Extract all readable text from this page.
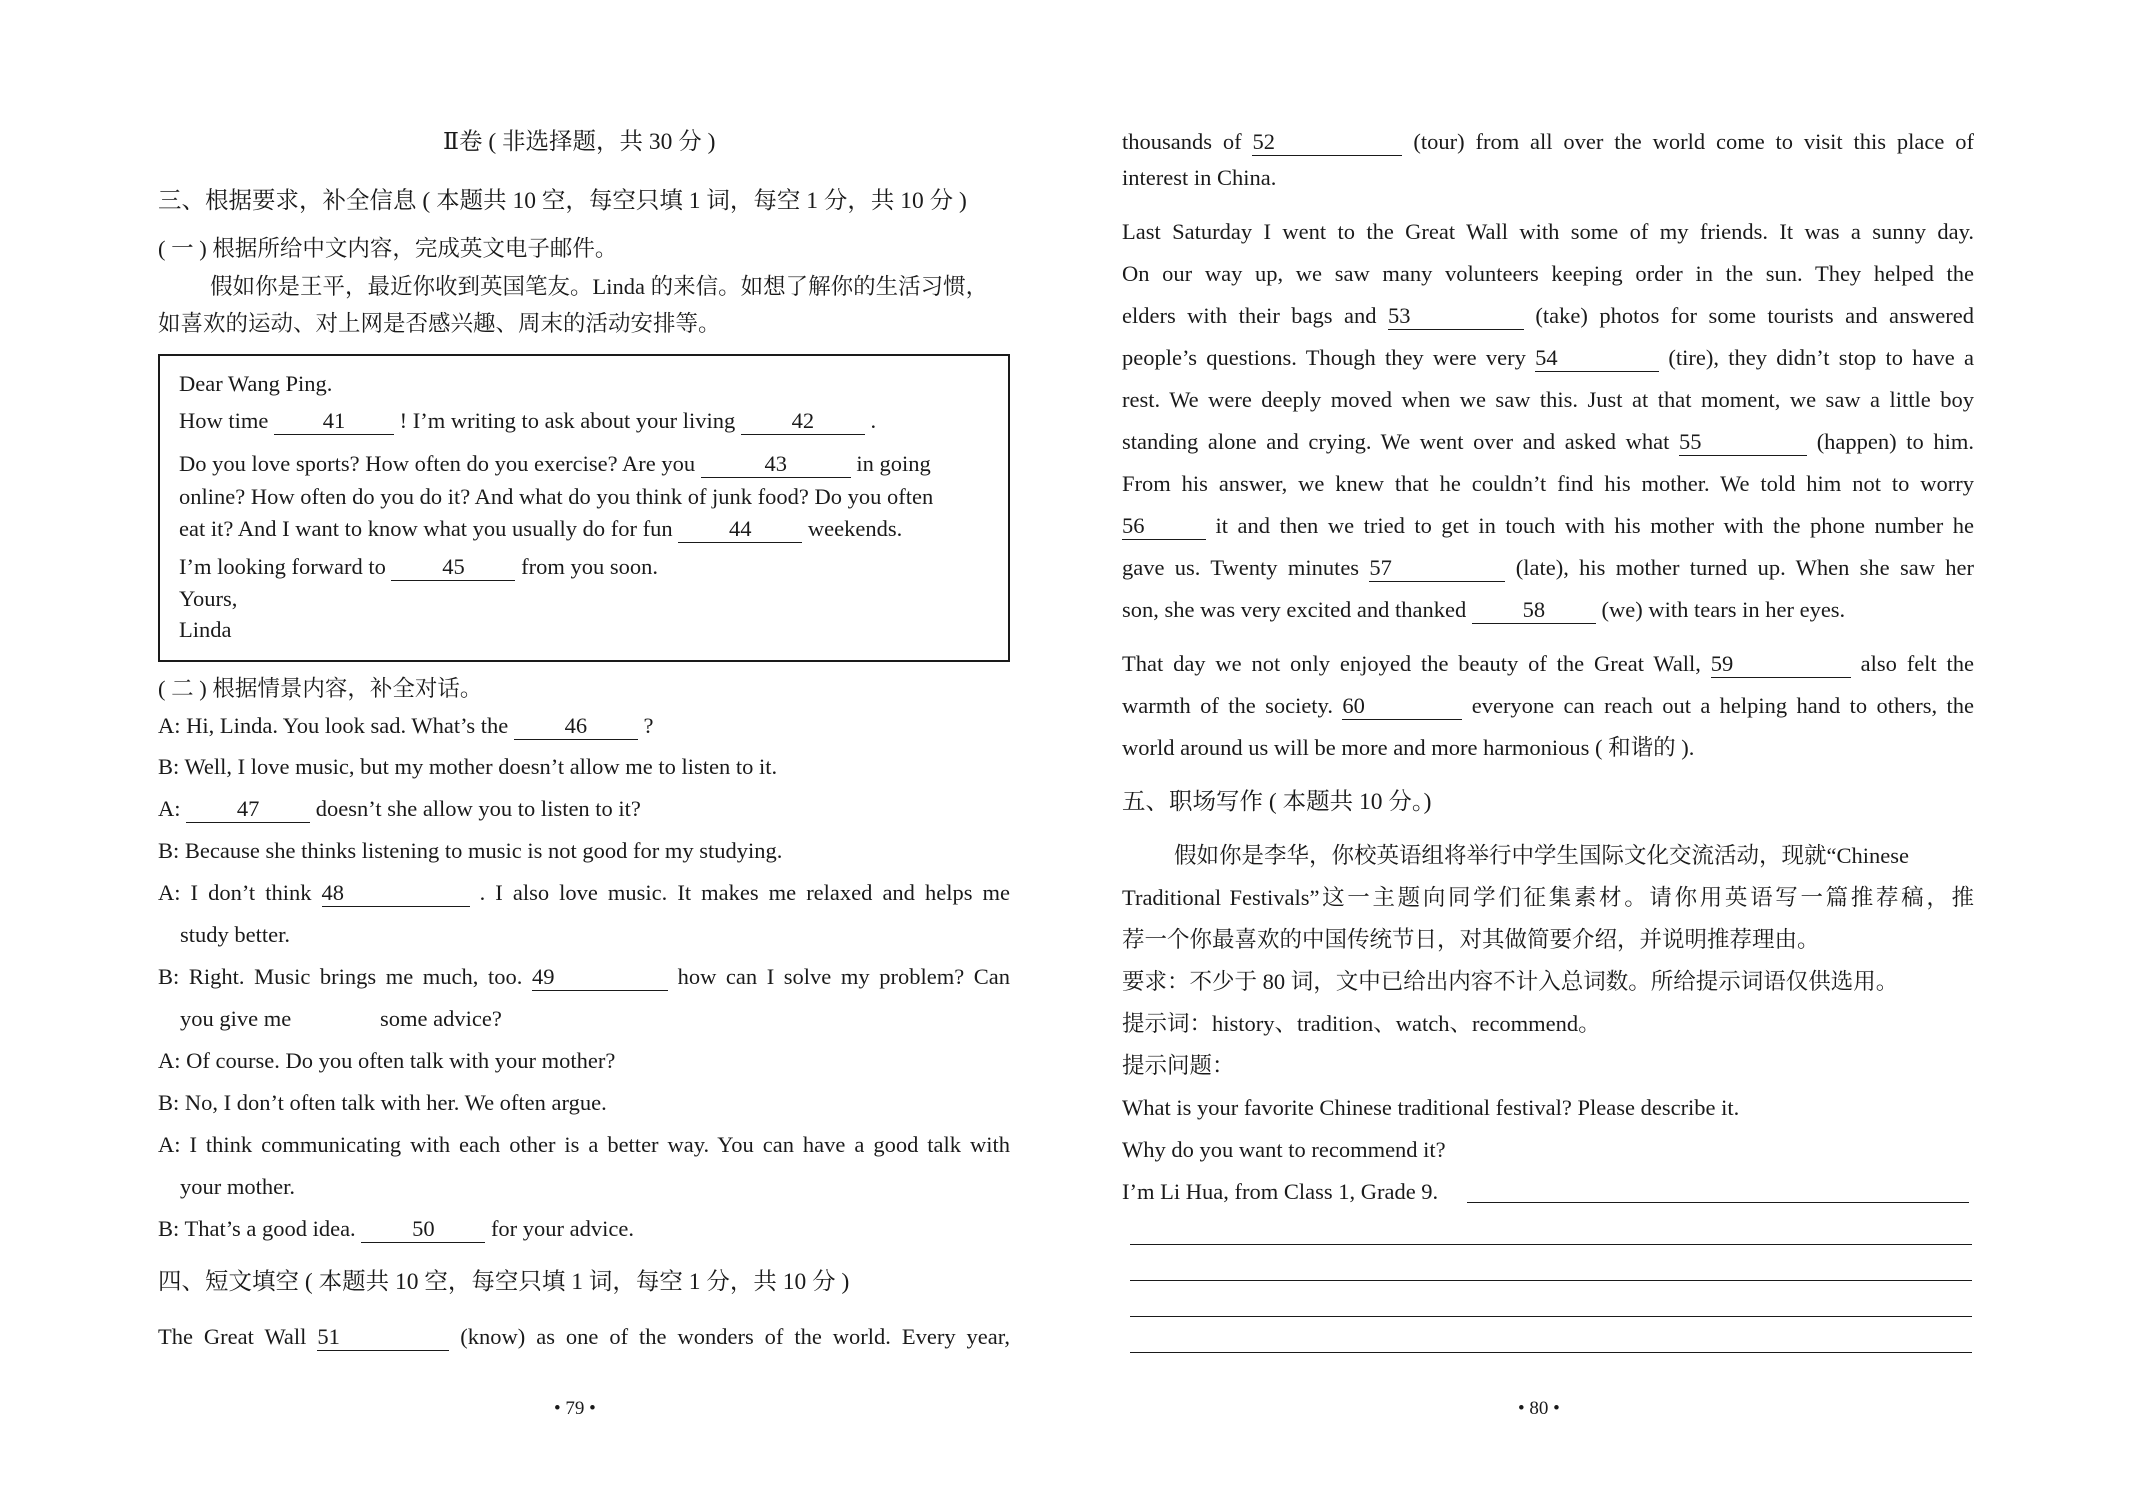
Ⅱ卷 ( 非选择题，共 30 分 )
三、根据要求，补全信息 ( 本题共 10 空，每空只填 1 词，每空 1 分，共 10 分 )
( 一 ) 根据所给中文内容，完成英文电子邮件。
假如你是王平，最近你收到英国笔友。Linda 的来信。如想了解你的生活习惯，
如喜欢的运动、对上网是否感兴趣、周末的活动安排等。
Dear Wang Ping.
How time 41 ! I’m writing to ask about your living	42	.
Do you love sports? How often do you exercise? Are you	43	in going
online? How often do you do it? And what do you think of junk food? Do you often
eat it? And I want to know what you usually do for fun	44	weekends.
I’m looking forward to	45	from you soon.
Yours,
Linda
( 二 ) 根据情景内容，补全对话。
A: Hi, Linda. You look sad. What’s the	46	?
B: Well, I love music, but my mother doesn’t allow me to listen to it.
A:	47	doesn’t she allow you to listen to it?
B: Because she thinks listening to music is not good for my studying.
A: I don’t think 48	. I also love music. It makes me relaxed and helps me
study better.
B: Right. Music brings me much, too. 49	how can I solve my problem? Can
you give me	some advice?
A: Of course. Do you often talk with your mother?
B: No, I don’t often talk with her. We often argue.
A: I think communicating with each other is a better way. You can have a good talk with
your mother.
B: That’s a good idea.	50	for your advice.
四、短文填空 ( 本题共 10 空，每空只填 1 词，每空 1 分，共 10 分 )
The Great Wall 51	(know) as one of the wonders of the world. Every year,
• 79 •
thousands of 52	(tour) from all over the world come to visit this place of
interest in China.
Last Saturday I went to the Great Wall with some of my friends. It was a sunny day.
On our way up, we saw many volunteers keeping order in the sun. They helped the
elders with their bags and 53	(take) photos for some tourists and answered
people’s questions. Though they were very 54	(tire), they didn’t stop to have a
rest. We were deeply moved when we saw this. Just at that moment, we saw a little boy
standing alone and crying. We went over and asked what 55	(happen) to him.
From his answer, we knew that he couldn’t find his mother. We told him not to worry
56	it and then we tried to get in touch with his mother with the phone number he
gave us. Twenty minutes 57	(late), his mother turned up. When she saw her
son, she was very excited and thanked	58	(we) with tears in her eyes.
That day we not only enjoyed the beauty of the Great Wall, 59	also felt the
warmth of the society. 60	everyone can reach out a helping hand to others, the
world around us will be more and more harmonious ( 和谐的 ).
五、职场写作 ( 本题共 10 分。)
假如你是李华，你校英语组将举行中学生国际文化交流活动，现就“Chinese
Traditional Festivals”这一主题向同学们征集素材。请你用英语写一篇推荐稿，推
荐一个你最喜欢的中国传统节日，对其做简要介绍，并说明推荐理由。
要求：不少于 80 词，文中已给出内容不计入总词数。所给提示词语仅供选用。
提示词：history、tradition、watch、recommend。
提示问题：
What is your favorite Chinese traditional festival? Please describe it.
Why do you want to recommend it?
I’m Li Hua, from Class 1, Grade 9.
• 80 •
